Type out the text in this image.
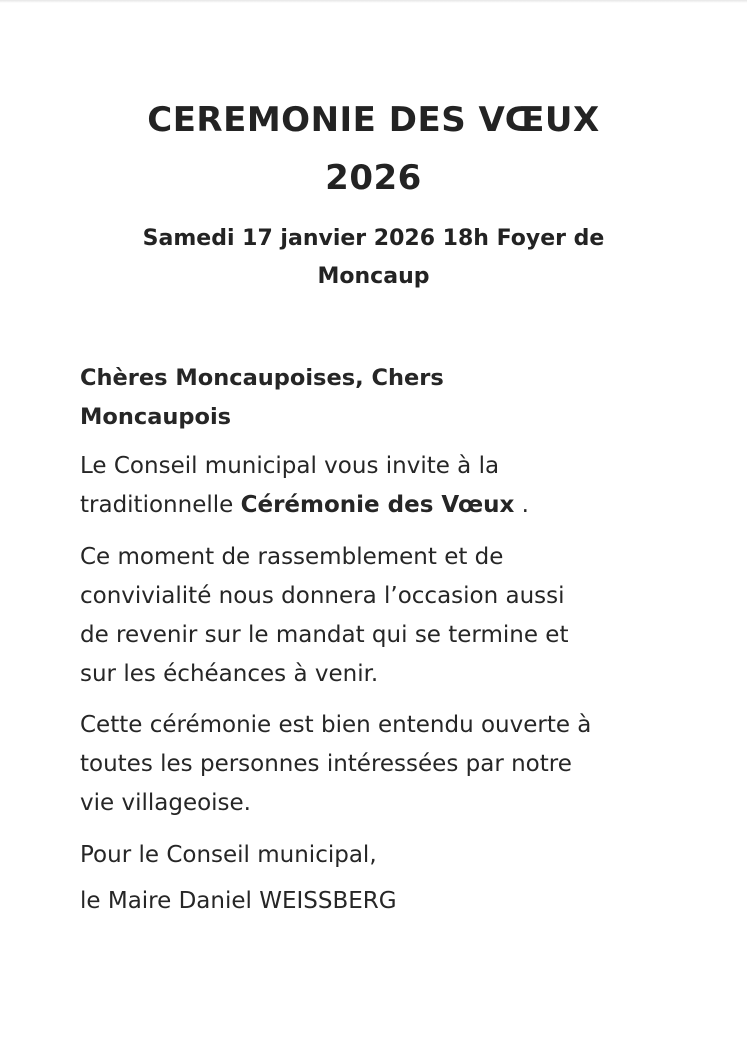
CEREMONIE DES VŒUX
2026
Samedi 17 janvier 2026 18h Foyer de
Moncaup
Chères Moncaupoises, Chers
Moncaupois
Le Conseil municipal vous invite à la
traditionnelle Cérémonie des Vœux .
Ce moment de rassemblement et de
convivialité nous donnera l’occasion aussi
de revenir sur le mandat qui se termine et
sur les échéances à venir.
Cette cérémonie est bien entendu ouverte à
toutes les personnes intéressées par notre
vie villageoise.
Pour le Conseil municipal,
le Maire Daniel WEISSBERG
